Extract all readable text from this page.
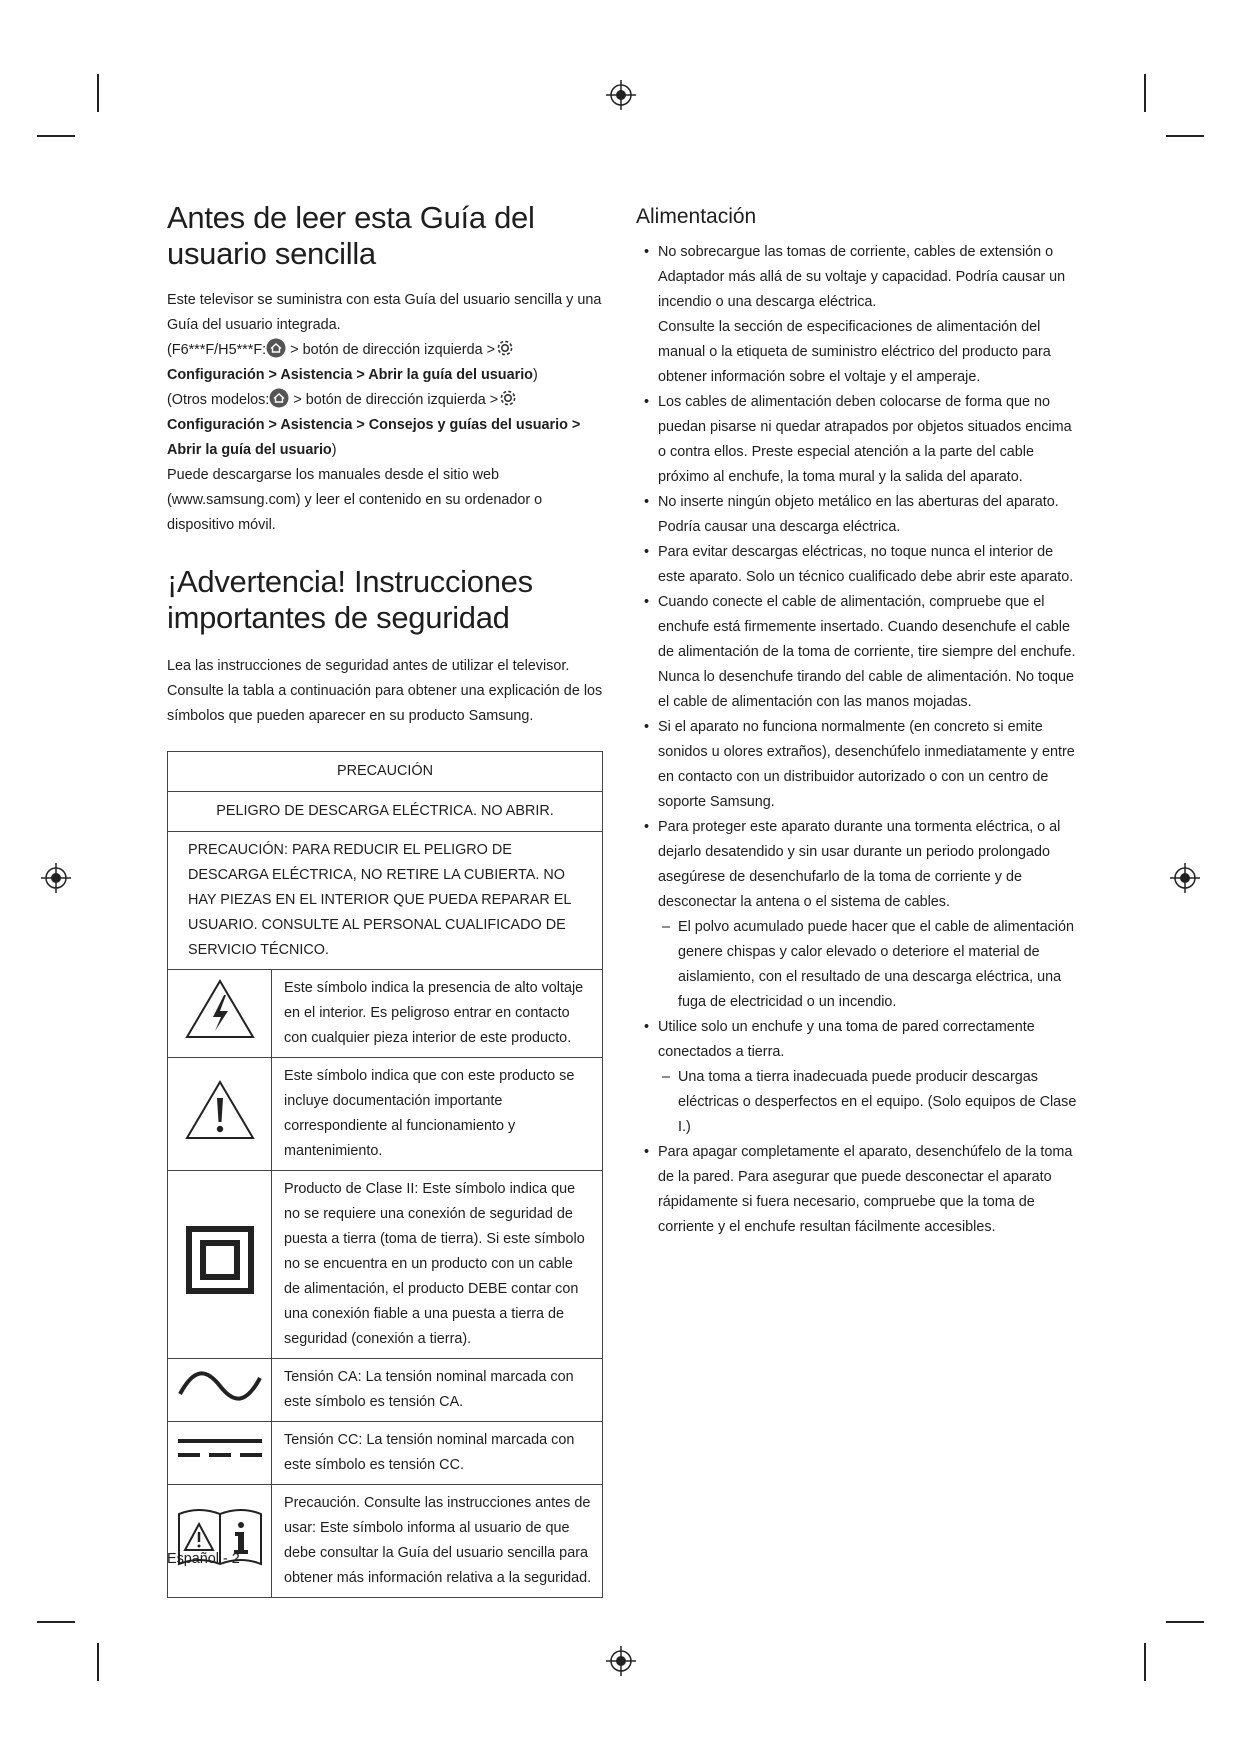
Antes de leer esta Guía del usuario sencilla

Este televisor se suministra con esta Guía del usuario sencilla y una Guía del usuario integrada.
(F6***F/H5***F: > botón de dirección izquierda >
Configuración > Asistencia > Abrir la guía del usuario)
(Otros modelos: > botón de dirección izquierda >
Configuración > Asistencia > Consejos y guías del usuario > Abrir la guía del usuario)
Puede descargarse los manuales desde el sitio web (www.samsung.com) y leer el contenido en su ordenador o dispositivo móvil.

¡Advertencia! Instrucciones importantes de seguridad

Lea las instrucciones de seguridad antes de utilizar el televisor. Consulte la tabla a continuación para obtener una explicación de los símbolos que pueden aparecer en su producto Samsung.

PRECAUCIÓN	
PELIGRO DE DESCARGA ELÉCTRICA. NO ABRIR.	
PRECAUCIÓN: PARA REDUCIR EL PELIGRO DE DESCARGA ELÉCTRICA, NO RETIRE LA CUBIERTA. NO HAY PIEZAS EN EL INTERIOR QUE PUEDA REPARAR EL USUARIO. CONSULTE AL PERSONAL CUALIFICADO DE SERVICIO TÉCNICO.	
	Este símbolo indica la presencia de alto voltaje en el interior. Es peligroso entrar en contacto con cualquier pieza interior de este producto.
	Este símbolo indica que con este producto se incluye documentación importante correspondiente al funcionamiento y mantenimiento.
	Producto de Clase II: Este símbolo indica que no se requiere una conexión de seguridad de puesta a tierra (toma de tierra). Si este símbolo no se encuentra en un producto con un cable de alimentación, el producto DEBE contar con una conexión fiable a una puesta a tierra de seguridad (conexión a tierra).
	Tensión CA: La tensión nominal marcada con este símbolo es tensión CA.
	Tensión CC: La tensión nominal marcada con este símbolo es tensión CC.
	Precaución. Consulte las instrucciones antes de usar: Este símbolo informa al usuario de que debe consultar la Guía del usuario sencilla para obtener más información relativa a la seguridad.
Alimentación
• No sobrecargue las tomas de corriente, cables de extensión o Adaptador más allá de su voltaje y capacidad. Podría causar un incendio o una descarga eléctrica.
Consulte la sección de especificaciones de alimentación del manual o la etiqueta de suministro eléctrico del producto para obtener información sobre el voltaje y el amperaje.
• Los cables de alimentación deben colocarse de forma que no puedan pisarse ni quedar atrapados por objetos situados encima o contra ellos. Preste especial atención a la parte del cable próximo al enchufe, la toma mural y la salida del aparato.
• No inserte ningún objeto metálico en las aberturas del aparato. Podría causar una descarga eléctrica.
• Para evitar descargas eléctricas, no toque nunca el interior de este aparato. Solo un técnico cualificado debe abrir este aparato.
• Cuando conecte el cable de alimentación, compruebe que el enchufe está firmemente insertado. Cuando desenchufe el cable de alimentación de la toma de corriente, tire siempre del enchufe. Nunca lo desenchufe tirando del cable de alimentación. No toque el cable de alimentación con las manos mojadas.
• Si el aparato no funciona normalmente (en concreto si emite sonidos u olores extraños), desenchúfelo inmediatamente y entre en contacto con un distribuidor autorizado o con un centro de soporte Samsung.
• Para proteger este aparato durante una tormenta eléctrica, o al dejarlo desatendido y sin usar durante un periodo prolongado asegúrese de desenchufarlo de la toma de corriente y de desconectar la antena o el sistema de cables.
– El polvo acumulado puede hacer que el cable de alimentación genere chispas y calor elevado o deteriore el material de aislamiento, con el resultado de una descarga eléctrica, una fuga de electricidad o un incendio.
• Utilice solo un enchufe y una toma de pared correctamente conectados a tierra.
– Una toma a tierra inadecuada puede producir descargas eléctricas o desperfectos en el equipo. (Solo equipos de Clase I.)
• Para apagar completamente el aparato, desenchúfelo de la toma de la pared. Para asegurar que puede desconectar el aparato rápidamente si fuera necesario, compruebe que la toma de corriente y el enchufe resultan fácilmente accesibles.
Español - 2
